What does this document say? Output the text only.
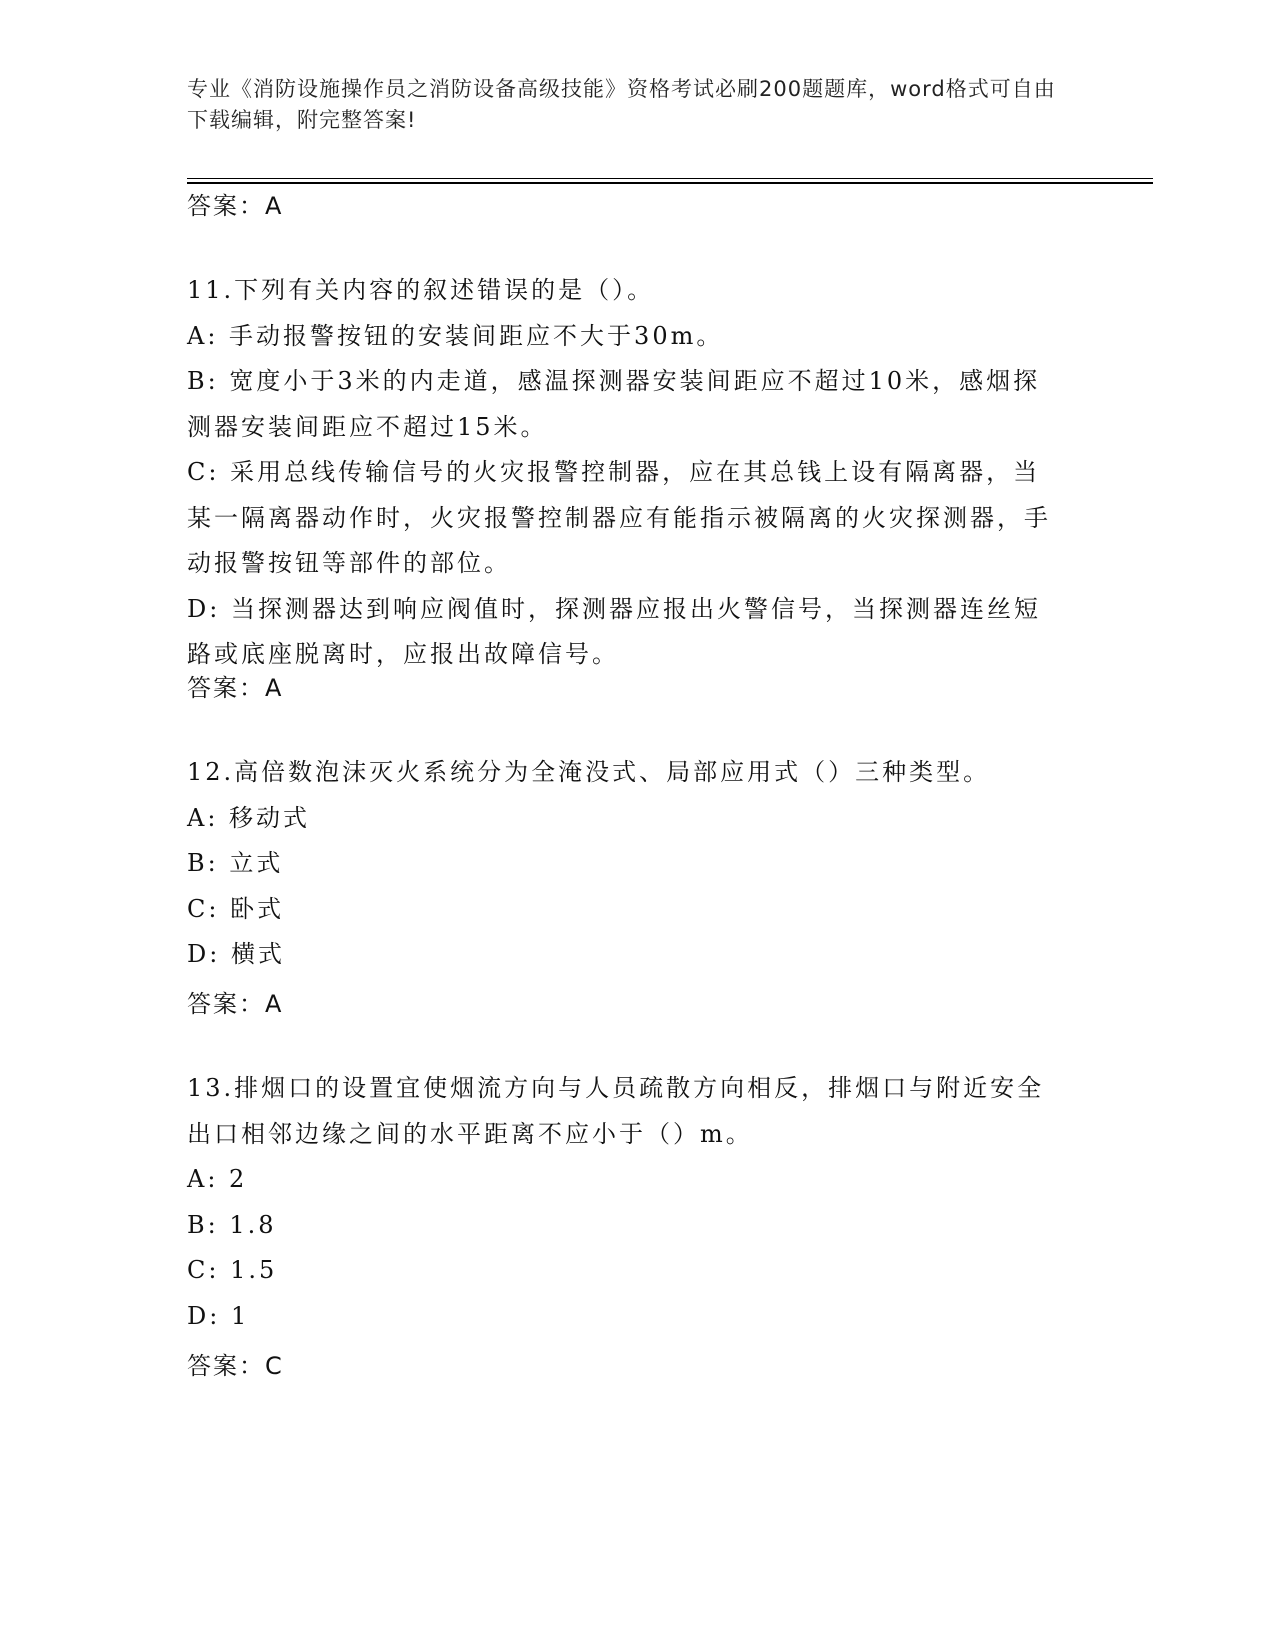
专业《消防设施操作员之消防设备高级技能》资格考试必刷200题题库，word格式可自由下载编辑，附完整答案!
答案：A

11.下列有关内容的叙述错误的是（）。

A: 手动报警按钮的安装间距应不大于30m。

B: 宽度小于3米的内走道，感温探测器安装间距应不超过10米，感烟探测器安装间距应不超过15米。

C: 采用总线传输信号的火灾报警控制器，应在其总钱上设有隔离器，当某一隔离器动作时，火灾报警控制器应有能指示被隔离的火灾探测器，手动报警按钮等部件的部位。

D: 当探测器达到响应阀值时，探测器应报出火警信号，当探测器连丝短路或底座脱离时，应报出故障信号。

答案：A

12.高倍数泡沫灭火系统分为全淹没式、局部应用式（）三种类型。

A: 移动式

B: 立式

C: 卧式

D: 横式

答案：A

13.排烟口的设置宜使烟流方向与人员疏散方向相反，排烟口与附近安全出口相邻边缘之间的水平距离不应小于（）m。

A: 2

B: 1.8

C: 1.5

D: 1

答案：C
